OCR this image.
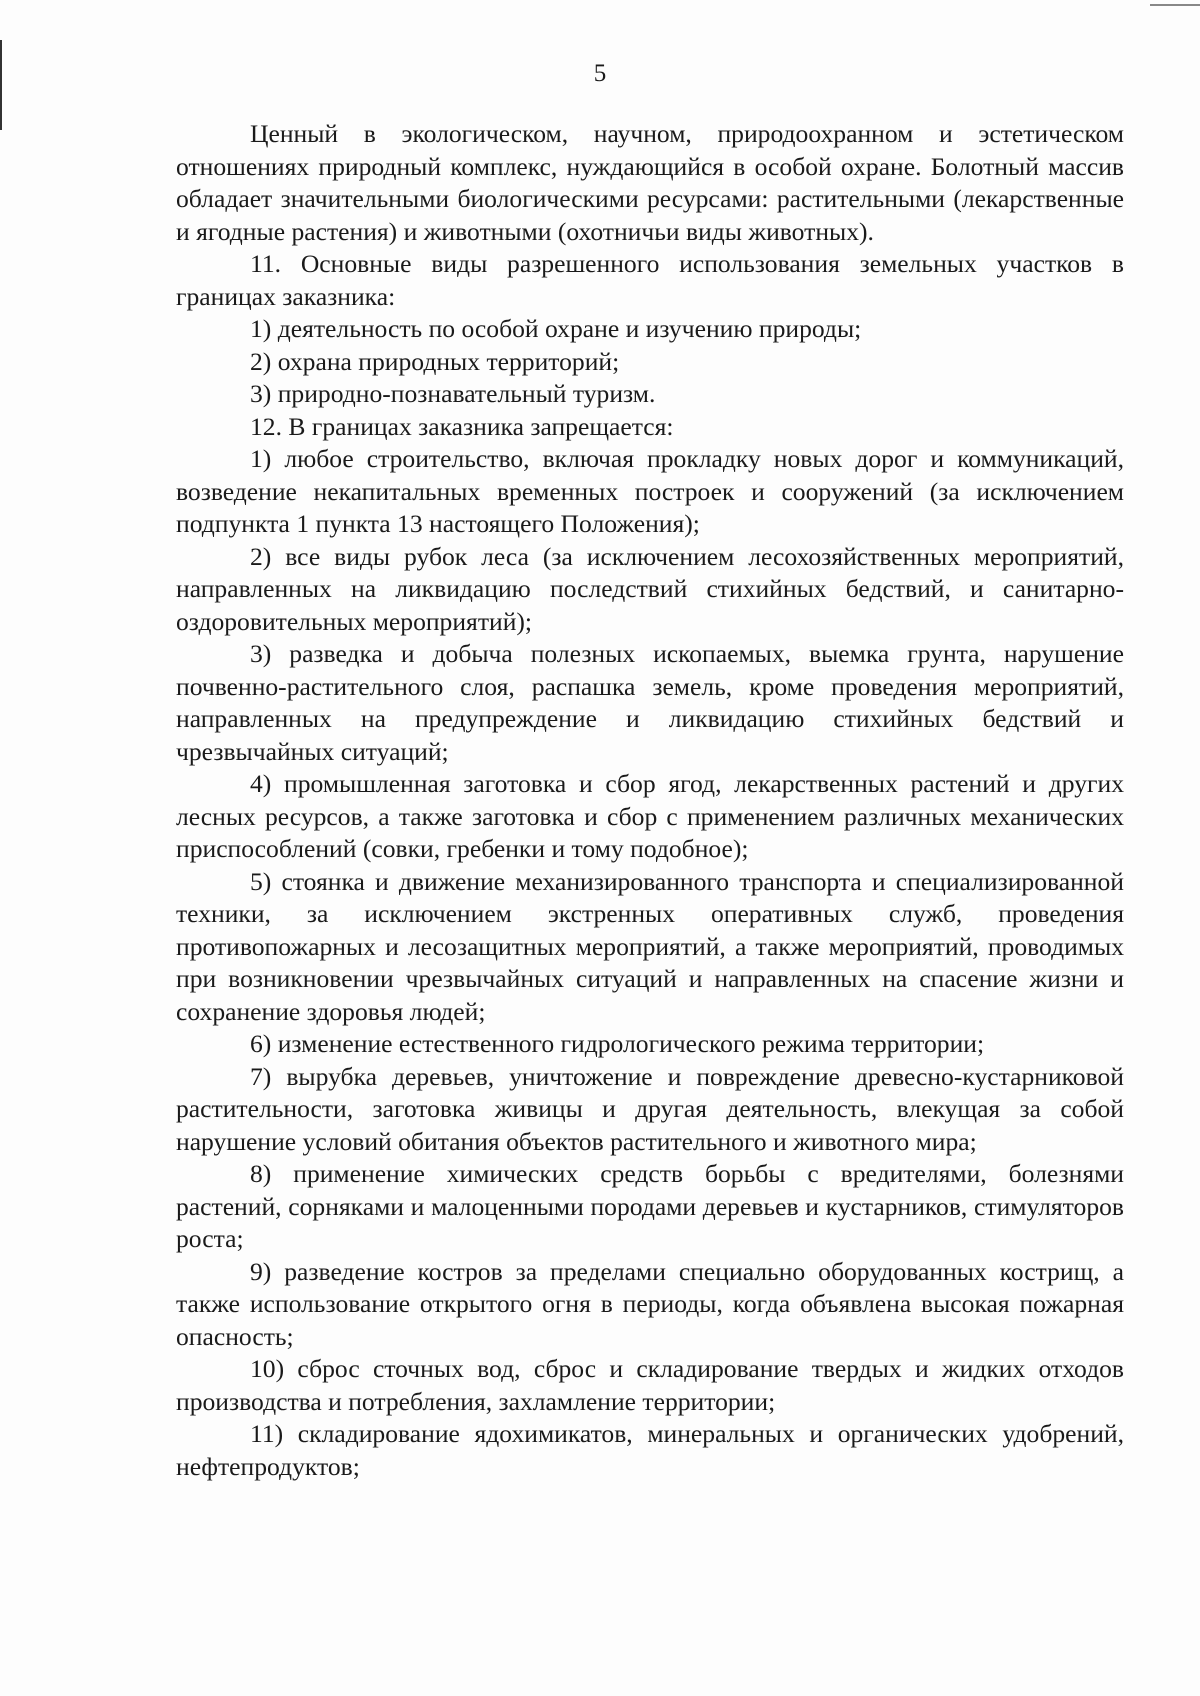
5

Ценный в экологическом, научном, природоохранном и эстетическом отношениях природный комплекс, нуждающийся в особой охране. Болотный массив обладает значительными биологическими ресурсами: растительными (лекарственные и ягодные растения) и животными (охотничьи виды животных).

11. Основные виды разрешенного использования земельных участков в границах заказника:

1) деятельность по особой охране и изучению природы;

2) охрана природных территорий;

3) природно-познавательный туризм.

12. В границах заказника запрещается:

1) любое строительство, включая прокладку новых дорог и коммуникаций, возведение некапитальных временных построек и сооружений (за исключением подпункта 1 пункта 13 настоящего Положения);

2) все виды рубок леса (за исключением лесохозяйственных мероприятий, направленных на ликвидацию последствий стихийных бедствий, и санитарно-оздоровительных мероприятий);

3) разведка и добыча полезных ископаемых, выемка грунта, нарушение почвенно-растительного слоя, распашка земель, кроме проведения мероприятий, направленных на предупреждение и ликвидацию стихийных бедствий и чрезвычайных ситуаций;

4) промышленная заготовка и сбор ягод, лекарственных растений и других лесных ресурсов, а также заготовка и сбор с применением различных механических приспособлений (совки, гребенки и тому подобное);

5) стоянка и движение механизированного транспорта и специализированной техники, за исключением экстренных оперативных служб, проведения противопожарных и лесозащитных мероприятий, а также мероприятий, проводимых при возникновении чрезвычайных ситуаций и направленных на спасение жизни и сохранение здоровья людей;

6) изменение естественного гидрологического режима территории;

7) вырубка деревьев, уничтожение и повреждение древесно-кустарниковой растительности, заготовка живицы и другая деятельность, влекущая за собой нарушение условий обитания объектов растительного и животного мира;

8) применение химических средств борьбы с вредителями, болезнями растений, сорняками и малоценными породами деревьев и кустарников, стимуляторов роста;

9) разведение костров за пределами специально оборудованных кострищ, а также использование открытого огня в периоды, когда объявлена высокая пожарная опасность;

10) сброс сточных вод, сброс и складирование твердых и жидких отходов производства и потребления, захламление территории;

11) складирование ядохимикатов, минеральных и органических удобрений, нефтепродуктов;
